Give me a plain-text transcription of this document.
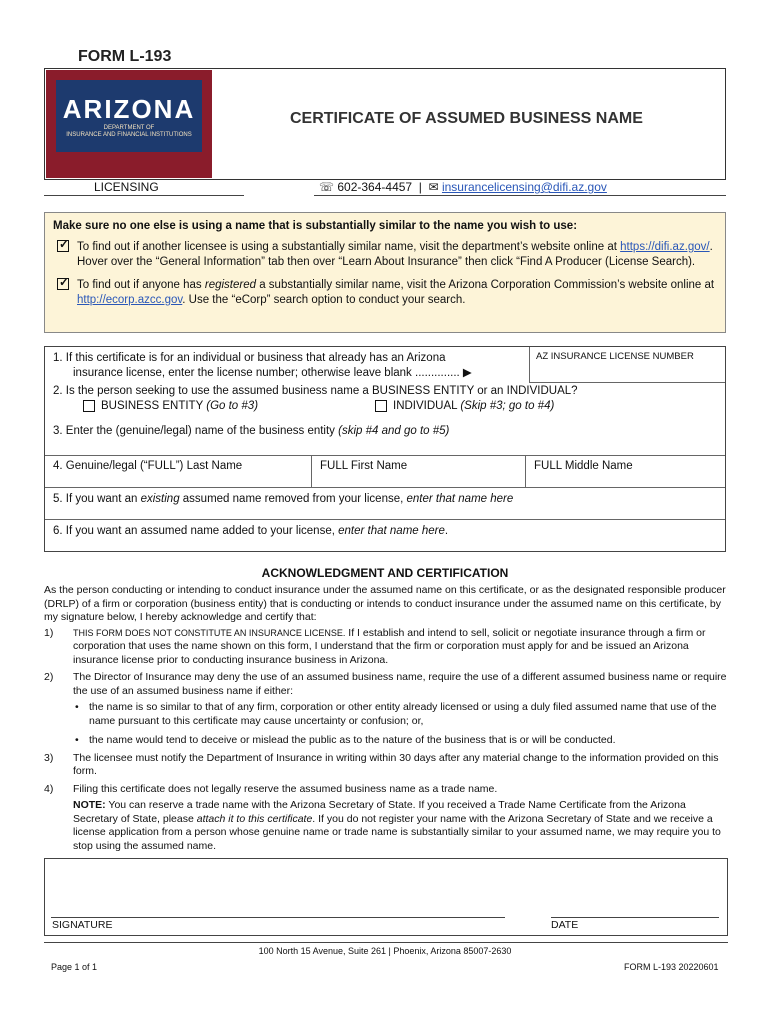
FORM L-193
ARIZONA
DEPARTMENT OF
INSURANCE AND FINANCIAL INSTITUTIONS
CERTIFICATE OF ASSUMED BUSINESS NAME
LICENSING	☏ 602-364-4457 | ✉ insurancelicensing@difi.az.gov
Make sure no one else is using a name that is substantially similar to the name you wish to use:
✓
To find out if another licensee is using a substantially similar name, visit the department’s website online at https://difi.az.gov/. Hover over the “General Information” tab then over “Learn About Insurance” then click “Find A Producer (License Search).
✓
To find out if anyone has registered a substantially similar name, visit the Arizona Corporation Commission’s website online at http://ecorp.azcc.gov. Use the “eCorp” search option to conduct your search.
1. If this certificate is for an individual or business that already has an Arizona
insurance license, enter the license number; otherwise leave blank .............. ▶
AZ INSURANCE LICENSE NUMBER
2. Is the person seeking to use the assumed business name a BUSINESS ENTITY or an INDIVIDUAL?
BUSINESS ENTITY (Go to #3)	INDIVIDUAL (Skip #3; go to #4)
3. Enter the (genuine/legal) name of the business entity (skip #4 and go to #5)
4. Genuine/legal (“FULL”) Last Name	FULL First Name	FULL Middle Name
5. If you want an existing assumed name removed from your license, enter that name here
6. If you want an assumed name added to your license, enter that name here.
ACKNOWLEDGMENT AND CERTIFICATION

As the person conducting or intending to conduct insurance under the assumed name on this certificate, or as the designated responsible producer (DRLP) of a firm or corporation (business entity) that is conducting or intends to conduct insurance under the assumed name on this certificate, by my signature below, I hereby acknowledge and certify that:

1) THIS FORM DOES NOT CONSTITUTE AN INSURANCE LICENSE. If I establish and intend to sell, solicit or negotiate insurance through a firm or corporation that uses the name shown on this form, I understand that the firm or corporation must apply for and be issued an Arizona insurance license prior to conducting insurance business in Arizona.
2) The Director of Insurance may deny the use of an assumed business name, require the use of a different assumed business name or require the use of an assumed business name if either:
• the name is so similar to that of any firm, corporation or other entity already licensed or using a duly filed assumed name that use of the name pursuant to this certificate may cause uncertainty or confusion; or,
• the name would tend to deceive or mislead the public as to the nature of the business that is or will be conducted.
3) The licensee must notify the Department of Insurance in writing within 30 days after any material change to the information provided on this form.
4) Filing this certificate does not legally reserve the assumed business name as a trade name.
NOTE: You can reserve a trade name with the Arizona Secretary of State. If you received a Trade Name Certificate from the Arizona Secretary of State, please attach it to this certificate. If you do not register your name with the Arizona Secretary of State and we receive a license application from a person whose genuine name or trade name is substantially similar to your assumed name, we may require you to stop using the assumed name.
SIGNATURE	DATE
100 North 15 Avenue, Suite 261 | Phoenix, Arizona 85007-2630
Page 1 of 1	FORM L-193 20220601
